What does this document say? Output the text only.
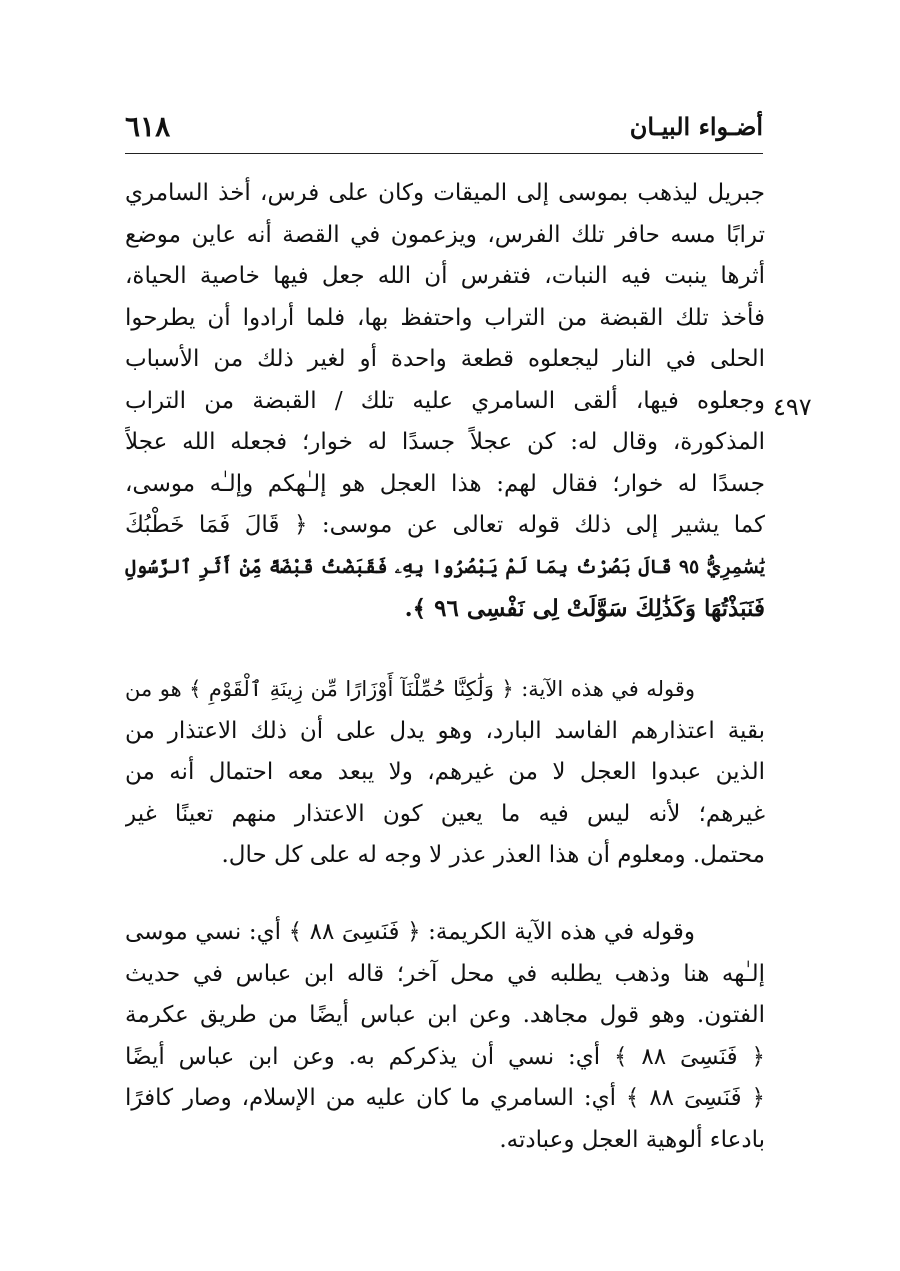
أضـواء البيـان
٦١٨
٤٩٧
جبريل ليذهب بموسى إلى الميقات وكان على فرس، أخذ السامري
ترابًا مسه حافر تلك الفرس، ويزعمون في القصة أنه عاين موضع
أثرها ينبت فيه النبات، فتفرس أن الله جعل فيها خاصية الحياة،
فأخذ تلك القبضة من التراب واحتفظ بها، فلما أرادوا أن يطرحوا
الحلى في النار ليجعلوه قطعة واحدة أو لغير ذلك من الأسباب
وجعلوه فيها، ألقى السامري عليه تلك / القبضة من التراب
المذكورة، وقال له: كن عجلاً جسدًا له خوار؛ فجعله الله عجلاً
جسدًا له خوار؛ فقال لهم: هذا العجل هو إلـٰهكم وإلـٰه موسى،
كما يشير إلى ذلك قوله تعالى عن موسى: ﴿ قَالَ فَمَا خَطْبُكَ
يَٰسَٰمِرِيُّ ٩٥ قَالَ بَصُرْتُ بِمَا لَمْ يَبْصُرُوا بِهِۦ فَقَبَضْتُ قَبْضَةً مِّنْ أَثَرِ ٱلرَّسُولِ
فَنَبَذْتُهَا وَكَذَٰلِكَ سَوَّلَتْ لِى نَفْسِى ٩٦ ﴾.
وقوله في هذه الآية: ﴿ وَلَٰكِنَّا حُمِّلْنَآ أَوْزَارًا مِّن زِينَةِ ٱلْقَوْمِ ﴾ هو من
بقية اعتذارهم الفاسد البارد، وهو يدل على أن ذلك الاعتذار من
الذين عبدوا العجل لا من غيرهم، ولا يبعد معه احتمال أنه من
غيرهم؛ لأنه ليس فيه ما يعين كون الاعتذار منهم تعينًا غير
محتمل. ومعلوم أن هذا العذر عذر لا وجه له على كل حال.
وقوله في هذه الآية الكريمة: ﴿ فَنَسِىَ ٨٨ ﴾ أي: نسي موسى
إلـٰهه هنا وذهب يطلبه في محل آخر؛ قاله ابن عباس في حديث
الفتون. وهو قول مجاهد. وعن ابن عباس أيضًا من طريق عكرمة
﴿ فَنَسِىَ ٨٨ ﴾ أي: نسي أن يذكركم به. وعن ابن عباس أيضًا
﴿ فَنَسِىَ ٨٨ ﴾ أي: السامري ما كان عليه من الإسلام، وصار كافرًا
بادعاء ألوهية العجل وعبادته.
